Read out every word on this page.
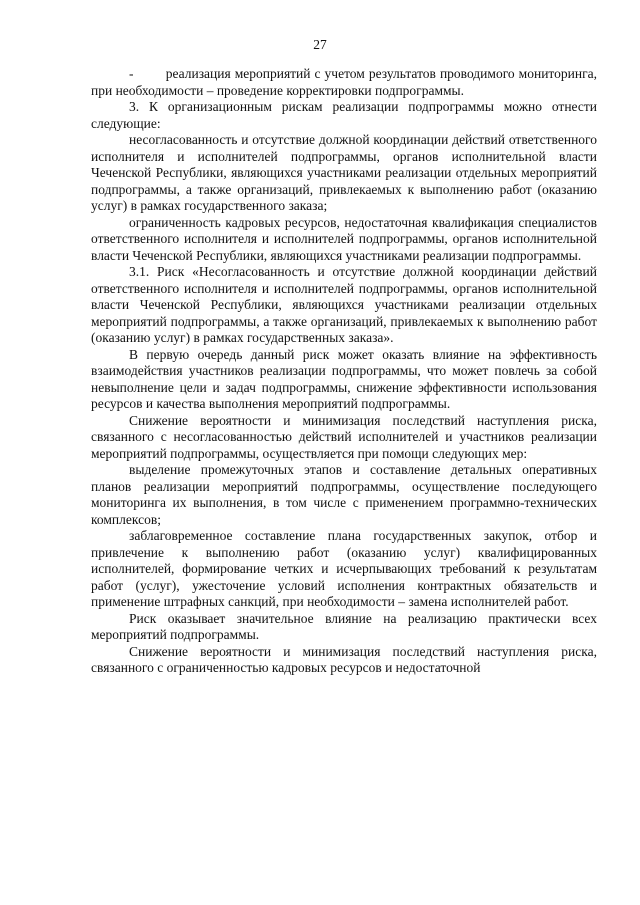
27

-        реализация мероприятий с учетом результатов проводимого мониторинга, при необходимости – проведение корректировки подпрограммы.

3. К организационным рискам реализации подпрограммы можно отнести следующие:

несогласованность и отсутствие должной координации действий ответственного исполнителя и исполнителей подпрограммы, органов исполнительной власти Чеченской Республики, являющихся участниками реализации отдельных мероприятий подпрограммы, а также организаций, привлекаемых к выполнению работ (оказанию услуг) в рамках государственного заказа;

ограниченность кадровых ресурсов, недостаточная квалификация специалистов ответственного исполнителя и исполнителей подпрограммы, органов исполнительной власти Чеченской Республики, являющихся участниками реализации подпрограммы.

3.1. Риск «Несогласованность и отсутствие должной координации действий ответственного исполнителя и исполнителей подпрограммы, органов исполнительной власти Чеченской Республики, являющихся участниками реализации отдельных мероприятий подпрограммы, а также организаций, привлекаемых к выполнению работ (оказанию услуг) в рамках государственных заказа».

В первую очередь данный риск может оказать влияние на эффективность взаимодействия участников реализации подпрограммы, что может повлечь за собой невыполнение цели и задач подпрограммы, снижение эффективности использования ресурсов и качества выполнения мероприятий подпрограммы.

Снижение вероятности и минимизация последствий наступления риска, связанного с несогласованностью действий исполнителей и участников реализации мероприятий подпрограммы, осуществляется при помощи следующих мер:

выделение промежуточных этапов и составление детальных оперативных планов реализации мероприятий подпрограммы, осуществление последующего мониторинга их выполнения, в том числе с применением программно-технических комплексов;

заблаговременное составление плана государственных закупок, отбор и привлечение к выполнению работ (оказанию услуг) квалифицированных исполнителей, формирование четких и исчерпывающих требований к результатам работ (услуг), ужесточение условий исполнения контрактных обязательств и применение штрафных санкций, при необходимости – замена исполнителей работ.

Риск оказывает значительное влияние на реализацию практически всех мероприятий подпрограммы.

Снижение вероятности и минимизация последствий наступления риска, связанного с ограниченностью кадровых ресурсов и недостаточной
